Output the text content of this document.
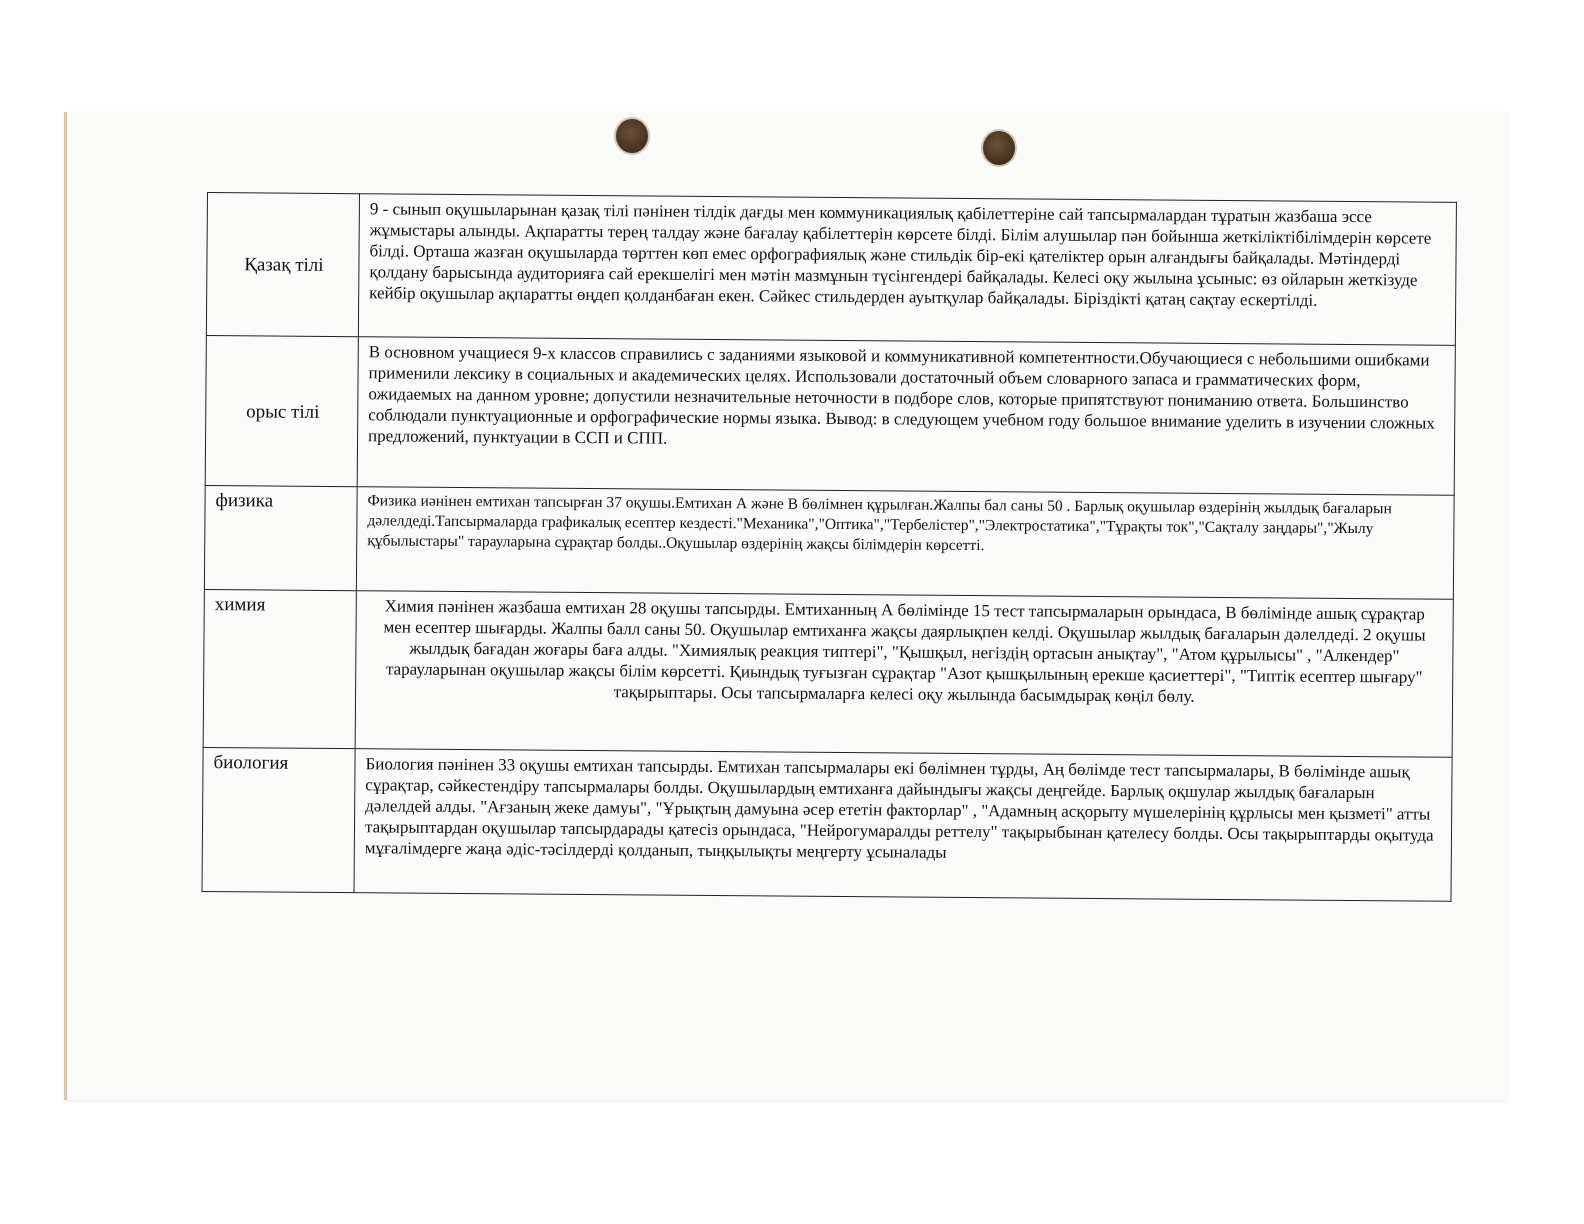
Қазақ тілі	9 - сынып оқушыларынан қазақ тілі пәнінен тілдік дағды мен коммуникациялық қабілеттеріне сай тапсырмалардан тұратын жазбаша эссе жұмыстары алынды. Ақпаратты терең талдау және бағалау қабілеттерін көрсете білді. Білім алушылар пән бойынша жеткіліктібілімдерін көрсете білді. Орташа жазған оқушыларда төрттен көп емес орфографиялық және стильдік бір-екі қателіктер орын алғандығы байқалады. Мәтіндерді қолдану барысында аудиторияға сай ерекшелігі мен мәтін мазмұнын түсінгендері байқалады. Келесі оқу жылына ұсыныс: өз ойларын жеткізуде кейбір оқушылар ақпаратты өңдеп қолданбаған екен. Сәйкес стильдерден ауытқулар байқалады. Біріздікті қатаң сақтау ескертілді.
орыс тілі	В основном учащиеся 9-х классов справились с заданиями языковой и коммуникативной компетентности.Обучающиеся с небольшими ошибками применили лексику в социальных и академических целях. Использовали достаточный объем словарного запаса и грамматических форм, ожидаемых на данном уровне; допустили незначительные неточности в подборе слов, которые припятствуют пониманию ответа. Большинство соблюдали пунктуационные и орфографические нормы языка. Вывод: в следующем учебном году большое внимание уделить в изучении сложных предложений, пунктуации в ССП и СПП.
физика	Физика иәнінен емтихан тапсырған 37 оқушы.Емтихан А және В бөлімнен құрылған.Жалпы бал саны 50 . Барлық оқушылар өздерінің жылдық бағаларын дәлелдеді.Тапсырмаларда графикалық есептер кездесті."Механика","Оптика","Тербелістер","Электростатика","Тұрақты ток","Сақталу заңдары","Жылу құбылыстары" тарауларына сұрақтар болды..Оқушылар өздерінің жақсы білімдерін көрсетті.
химия	Химия пәнінен жазбаша емтихан 28 оқушы тапсырды. Емтиханның А бөлімінде 15 тест тапсырмаларын орындаса, В бөлімінде ашық сұрақтар мен есептер шығарды. Жалпы балл саны 50. Оқушылар емтиханға жақсы даярлықпен келді. Оқушылар жылдық бағаларын дәлелдеді. 2 оқушы жылдық бағадан жоғары баға алды. "Химиялық реакция типтері", "Қышқыл, негіздің ортасын анықтау", "Атом құрылысы" , "Алкендер" тарауларынан оқушылар жақсы білім көрсетті. Қиындық туғызған сұрақтар "Азот қышқылының ерекше қасиеттері", "Типтік есептер шығару" тақырыптары. Осы тапсырмаларға келесі оқу жылында басымдырақ көңіл бөлу.
биология	Биология пәнінен 33 оқушы емтихан тапсырды. Емтихан тапсырмалары екі бөлімнен тұрды, Аң бөлімде тест тапсырмалары, В бөлімінде ашық сұрақтар, сәйкестендіру тапсырмалары болды. Оқушылардың емтиханға дайындығы жақсы деңгейде. Барлық оқшулар жылдық бағаларын дәлелдей алды. "Ағзаның жеке дамуы", "Ұрықтың дамуына әсер ететін факторлар" , "Адамның асқорыту мүшелерінің құрлысы мен қызметі" атты тақырыптардан оқушылар тапсырдарады қатесіз орындаса, "Нейрогумаралды реттелу" тақырыбынан қателесу болды. Осы тақырыптарды оқытуда мұғалімдерге жаңа әдіс-тәсілдерді қолданып, тыңқылықты меңгерту ұсыналады
